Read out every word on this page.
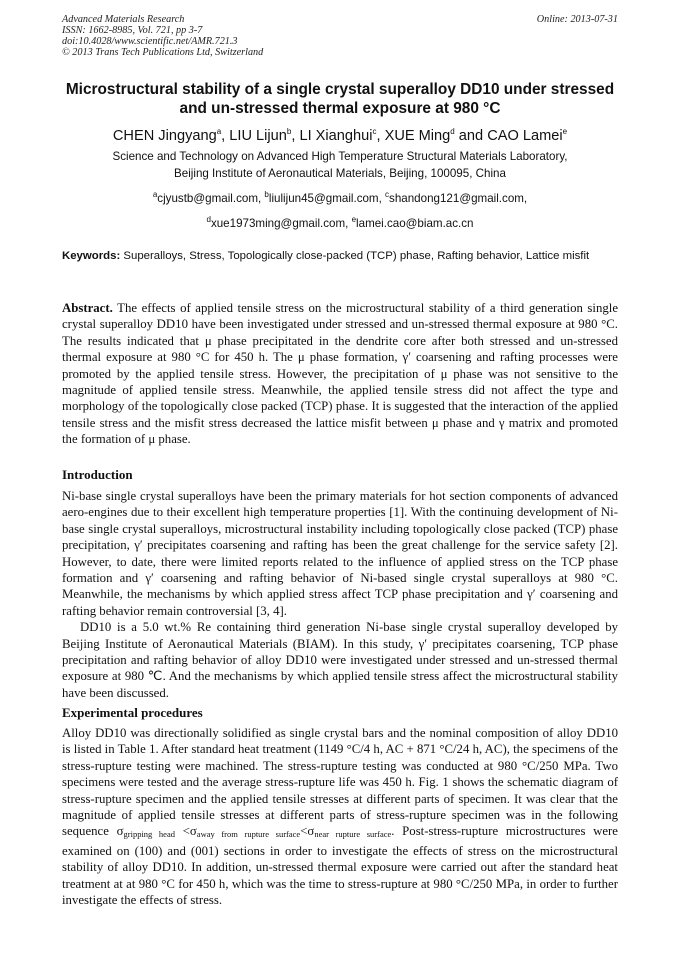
Advanced Materials Research
ISSN: 1662-8985, Vol. 721, pp 3-7
doi:10.4028/www.scientific.net/AMR.721.3
© 2013 Trans Tech Publications Ltd, Switzerland
Online: 2013-07-31
Microstructural stability of a single crystal superalloy DD10 under stressed and un-stressed thermal exposure at 980 °C
CHEN Jingyang$^a$, LIU Lijun$^b$, LI Xianghui$^c$, XUE Ming$^d$ and CAO Lamei$^e$
Science and Technology on Advanced High Temperature Structural Materials Laboratory,
Beijing Institute of Aeronautical Materials, Beijing, 100095, China
$^a$cjyustb@gmail.com, $^b$liulijun45@gmail.com, $^c$shandong121@gmail.com,
$^d$xue1973ming@gmail.com, $^e$lamei.cao@biam.ac.cn
Keywords: Superalloys, Stress, Topologically close-packed (TCP) phase, Rafting behavior, Lattice misfit

Abstract. The effects of applied tensile stress on the microstructural stability of a third generation single crystal superalloy DD10 have been investigated under stressed and un-stressed thermal exposure at 980 °C. The results indicated that μ phase precipitated in the dendrite core after both stressed and un-stressed thermal exposure at 980 °C for 450 h. The μ phase formation, γ′ coarsening and rafting processes were promoted by the applied tensile stress. However, the precipitation of μ phase was not sensitive to the magnitude of applied tensile stress. Meanwhile, the applied tensile stress did not affect the type and morphology of the topologically close packed (TCP) phase. It is suggested that the interaction of the applied tensile stress and the misfit stress decreased the lattice misfit between μ phase and γ matrix and promoted the formation of μ phase.

Introduction

Ni-base single crystal superalloys have been the primary materials for hot section components of advanced aero-engines due to their excellent high temperature properties [1]. With the continuing development of Ni-base single crystal superalloys, microstructural instability including topologically close packed (TCP) phase precipitation, γ′ precipitates coarsening and rafting has been the great challenge for the service safety [2]. However, to date, there were limited reports related to the influence of applied stress on the TCP phase formation and γ′ coarsening and rafting behavior of Ni-based single crystal superalloys at 980 °C. Meanwhile, the mechanisms by which applied stress affect TCP phase precipitation and γ′ coarsening and rafting behavior remain controversial [3, 4].

DD10 is a 5.0 wt.% Re containing third generation Ni-base single crystal superalloy developed by Beijing Institute of Aeronautical Materials (BIAM). In this study, γ′ precipitates coarsening, TCP phase precipitation and rafting behavior of alloy DD10 were investigated under stressed and un-stressed thermal exposure at 980 ℃. And the mechanisms by which applied tensile stress affect the microstructural stability have been discussed.

Experimental procedures

Alloy DD10 was directionally solidified as single crystal bars and the nominal composition of alloy DD10 is listed in Table 1. After standard heat treatment (1149 °C/4 h, AC + 871 °C/24 h, AC), the specimens of the stress-rupture testing were machined. The stress-rupture testing was conducted at 980 °C/250 MPa. Two specimens were tested and the average stress-rupture life was 450 h. Fig. 1 shows the schematic diagram of stress-rupture specimen and the applied tensile stresses at different parts of specimen. It was clear that the magnitude of applied tensile stresses at different parts of stress-rupture specimen was in the following sequence $\sigma_{gripping head} <\sigma_{away from rupture surface}<\sigma_{near rupture surface}$. Post-stress-rupture microstructures were examined on (100) and (001) sections in order to investigate the effects of stress on the microstructural stability of alloy DD10. In addition, un-stressed thermal exposure were carried out after the standard heat treatment at at 980 °C for 450 h, which was the time to stress-rupture at 980 °C/250 MPa, in order to further investigate the effects of stress.
